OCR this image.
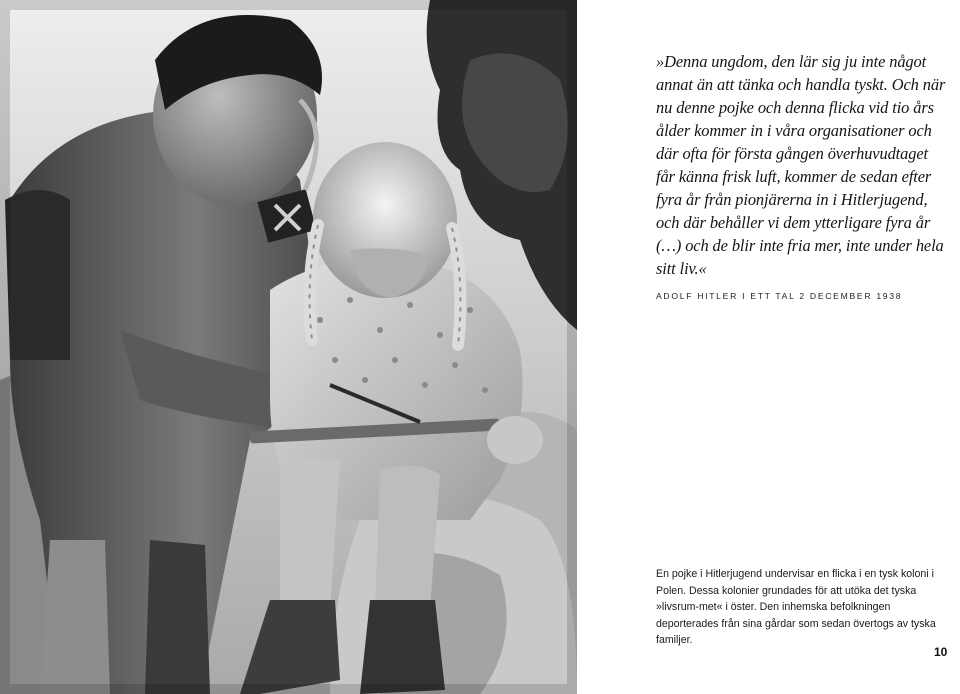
»Denna ungdom, den lär sig ju inte något annat än att tänka och handla tyskt. Och när nu denne pojke och denna flicka vid tio års ålder kommer in i våra organisationer och där ofta för första gången överhuvudtaget får känna frisk luft, kommer de sedan efter fyra år från pionjärerna in i Hitlerjugend, och där behåller vi dem ytterligare fyra år (…) och de blir inte fria mer, inte under hela sitt liv.«

ADOLF HITLER I ETT TAL 2 DECEMBER 1938

En pojke i Hitlerjugend undervisar en flicka i en tysk koloni i Polen. Dessa kolonier grundades för att utöka det tyska »livsrum-met« i öster. Den inhemska befolkningen deporterades från sina gårdar som sedan övertogs av tyska familjer.

10
